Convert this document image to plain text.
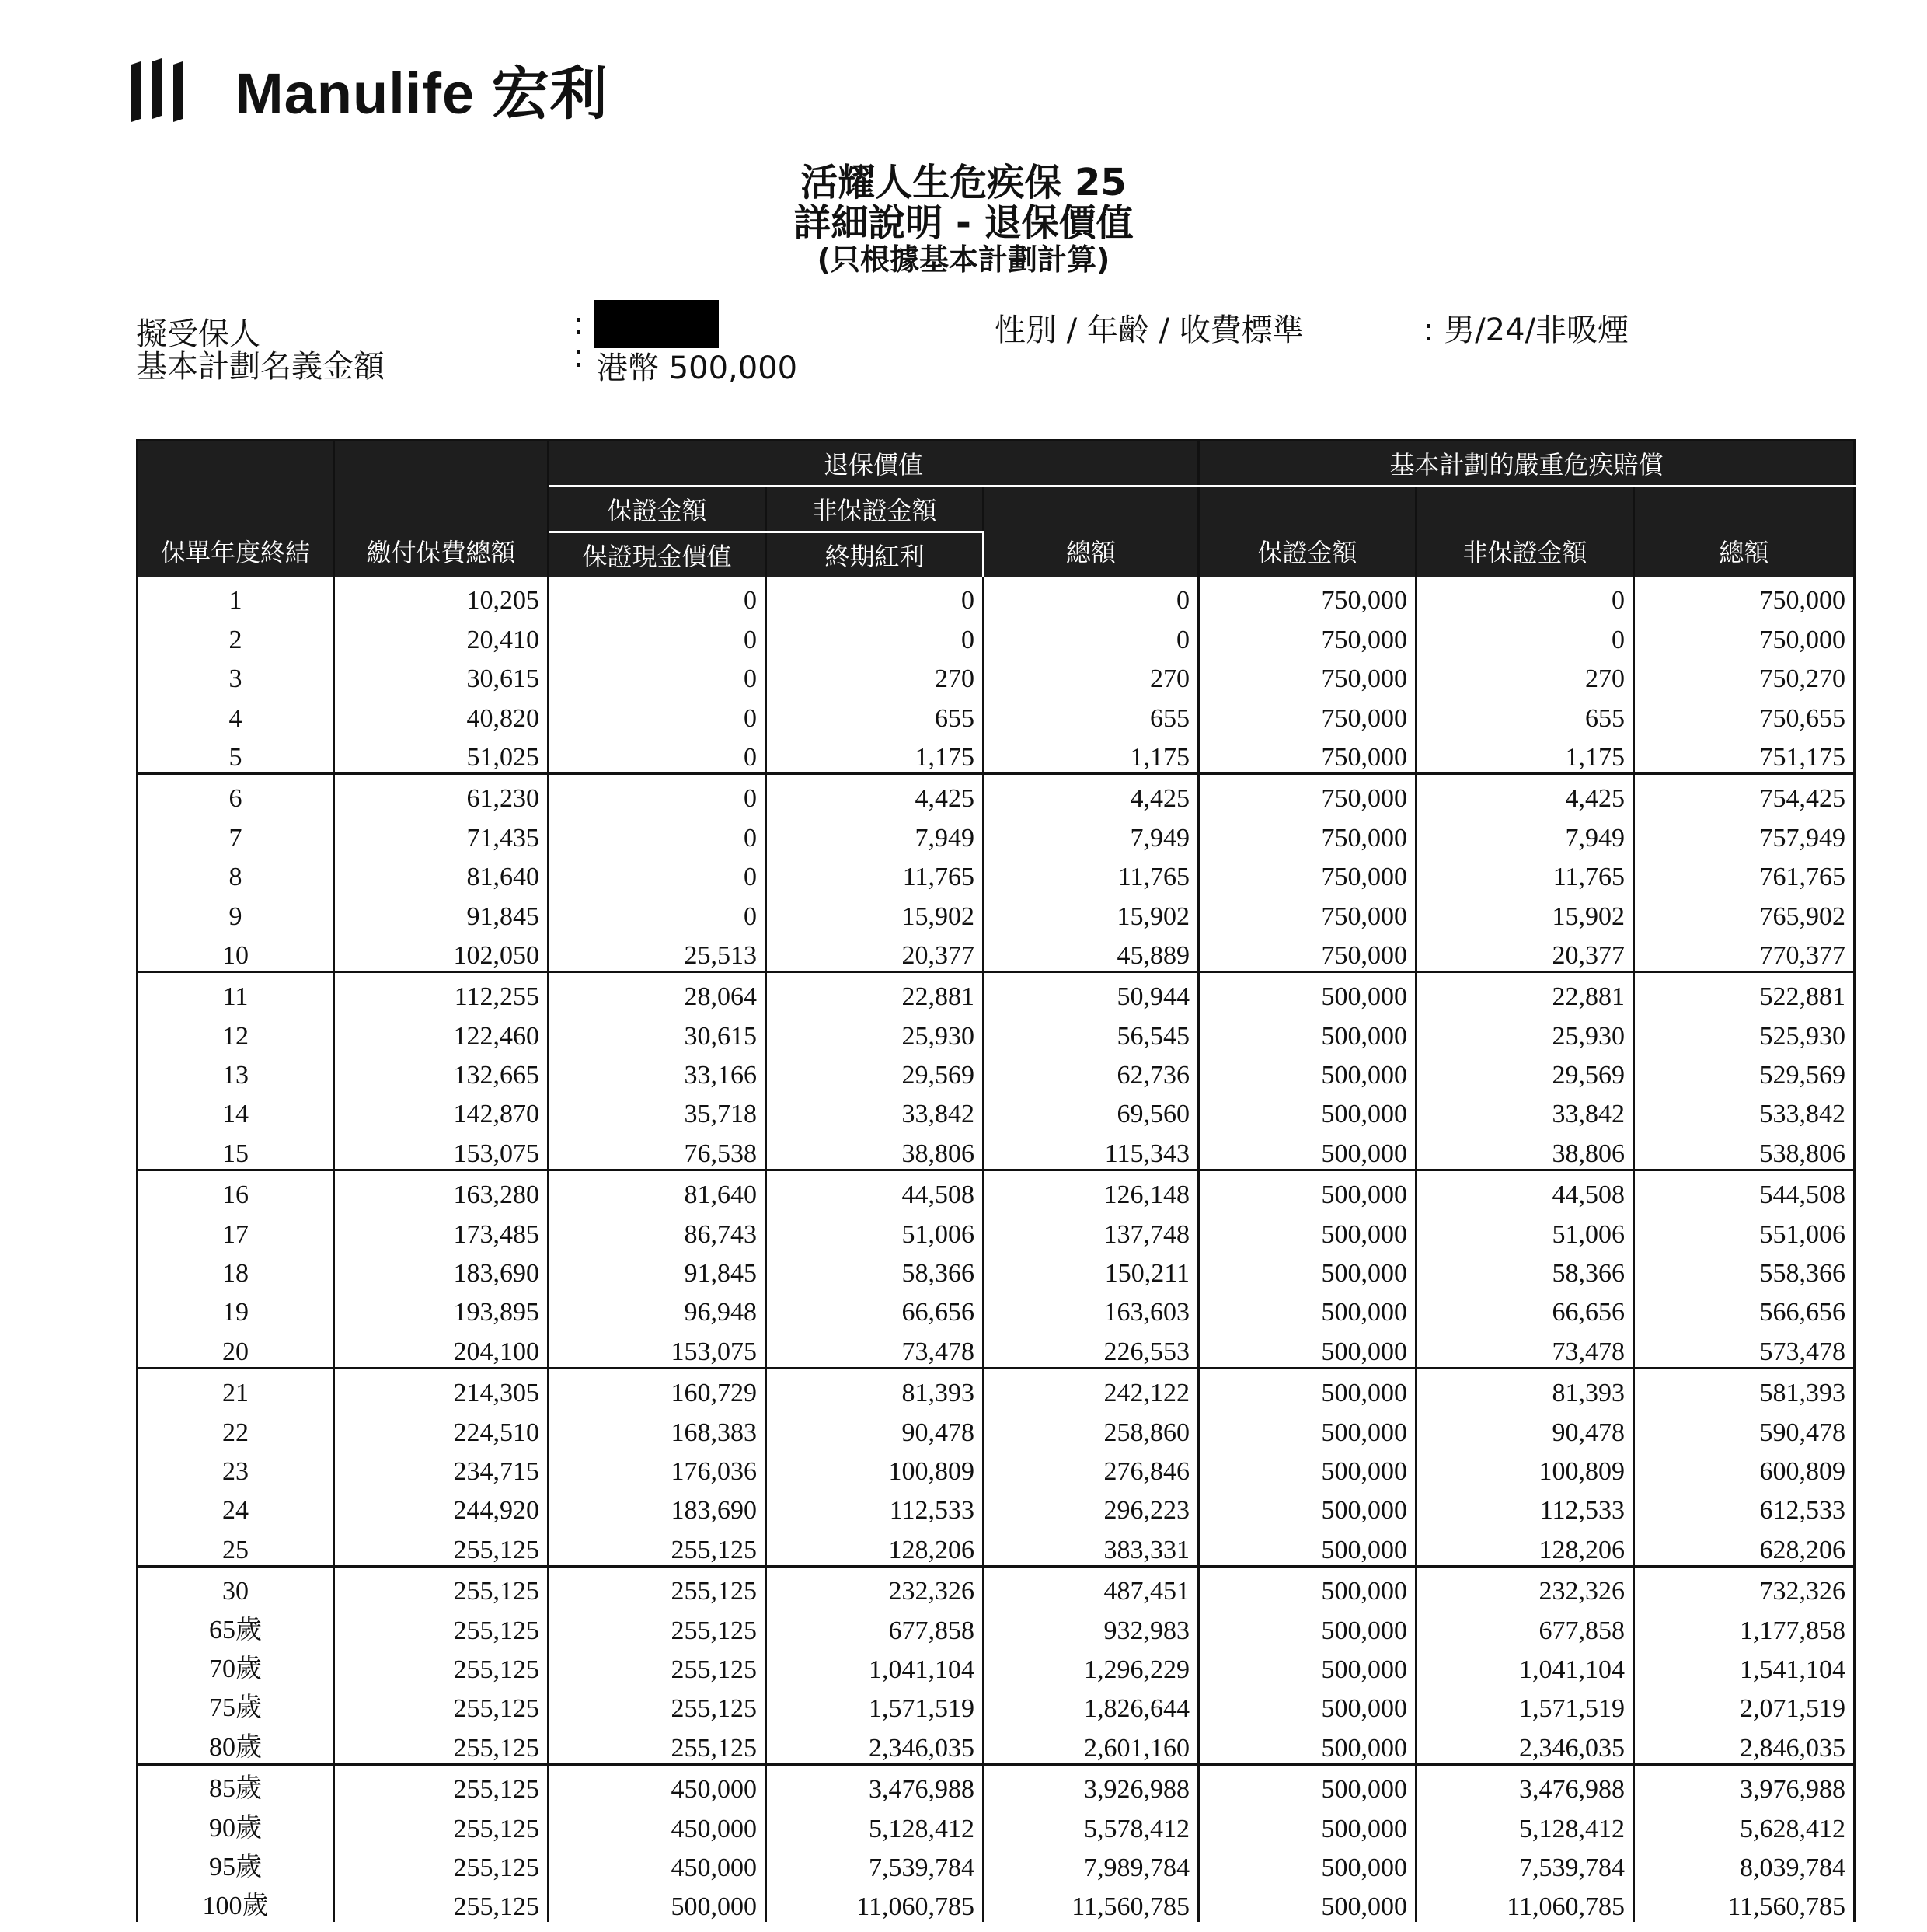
Manulife 宏利
活耀人生危疾保 25
詳細說明 - 退保價值
(只根據基本計劃計算)
擬受保人	:
基本計劃名義金額	: 港幣 500,000
性別 / 年齡 / 收費標準	: 男/24/非吸煙
保單年度終結	繳付保費總額	退保價值			基本計劃的嚴重危疾賠償		
		保證金額	非保證金額	總額	保證金額	非保證金額	總額
		保證現金價值	終期紅利				
1	10,205	0	0	0	750,000	0	750,000
2	20,410	0	0	0	750,000	0	750,000
3	30,615	0	270	270	750,000	270	750,270
4	40,820	0	655	655	750,000	655	750,655
5	51,025	0	1,175	1,175	750,000	1,175	751,175
6	61,230	0	4,425	4,425	750,000	4,425	754,425
7	71,435	0	7,949	7,949	750,000	7,949	757,949
8	81,640	0	11,765	11,765	750,000	11,765	761,765
9	91,845	0	15,902	15,902	750,000	15,902	765,902
10	102,050	25,513	20,377	45,889	750,000	20,377	770,377
11	112,255	28,064	22,881	50,944	500,000	22,881	522,881
12	122,460	30,615	25,930	56,545	500,000	25,930	525,930
13	132,665	33,166	29,569	62,736	500,000	29,569	529,569
14	142,870	35,718	33,842	69,560	500,000	33,842	533,842
15	153,075	76,538	38,806	115,343	500,000	38,806	538,806
16	163,280	81,640	44,508	126,148	500,000	44,508	544,508
17	173,485	86,743	51,006	137,748	500,000	51,006	551,006
18	183,690	91,845	58,366	150,211	500,000	58,366	558,366
19	193,895	96,948	66,656	163,603	500,000	66,656	566,656
20	204,100	153,075	73,478	226,553	500,000	73,478	573,478
21	214,305	160,729	81,393	242,122	500,000	81,393	581,393
22	224,510	168,383	90,478	258,860	500,000	90,478	590,478
23	234,715	176,036	100,809	276,846	500,000	100,809	600,809
24	244,920	183,690	112,533	296,223	500,000	112,533	612,533
25	255,125	255,125	128,206	383,331	500,000	128,206	628,206
30	255,125	255,125	232,326	487,451	500,000	232,326	732,326
65歲	255,125	255,125	677,858	932,983	500,000	677,858	1,177,858
70歲	255,125	255,125	1,041,104	1,296,229	500,000	1,041,104	1,541,104
75歲	255,125	255,125	1,571,519	1,826,644	500,000	1,571,519	2,071,519
80歲	255,125	255,125	2,346,035	2,601,160	500,000	2,346,035	2,846,035
85歲	255,125	450,000	3,476,988	3,926,988	500,000	3,476,988	3,976,988
90歲	255,125	450,000	5,128,412	5,578,412	500,000	5,128,412	5,628,412
95歲	255,125	450,000	7,539,784	7,989,784	500,000	7,539,784	8,039,784
100歲	255,125	500,000	11,060,785	11,560,785	500,000	11,060,785	11,560,785
